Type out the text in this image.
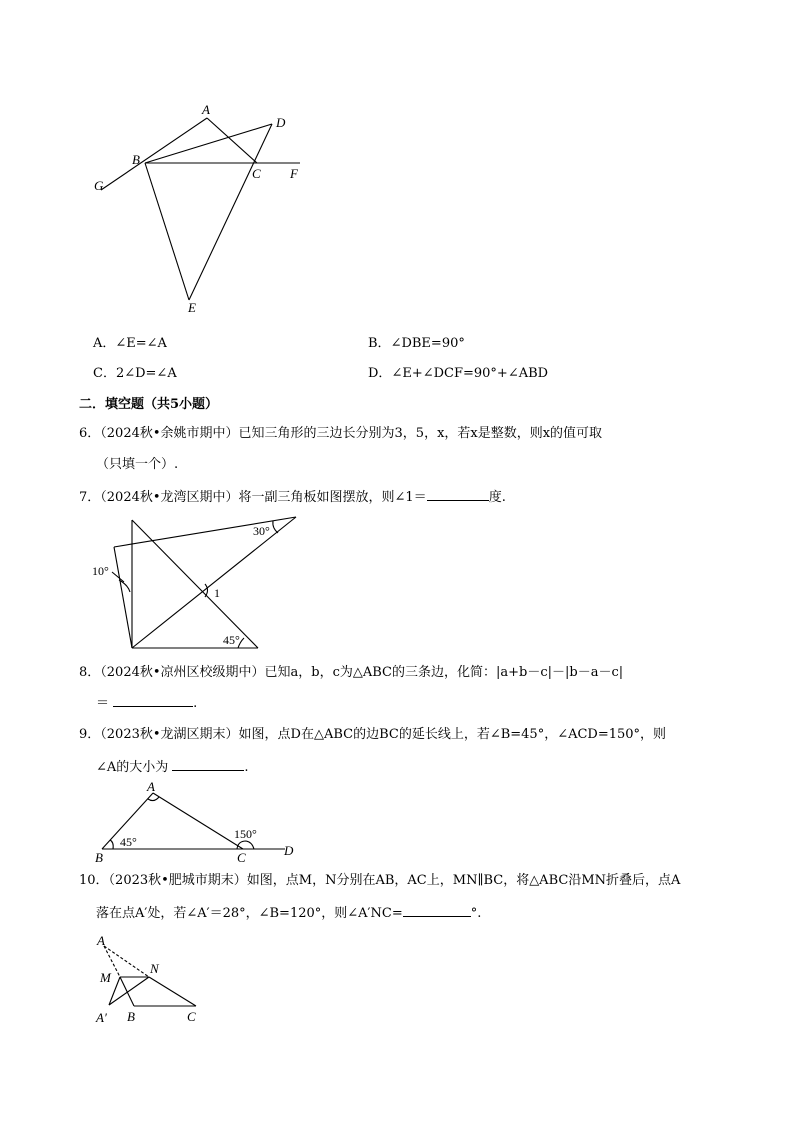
A
D
B
C F
G
E
A．∠E=∠A	B．∠DBE=90°
C．2∠D=∠A	D．∠E+∠DCF=90°+∠ABD
二．填空题（共5小题）
6．（2024秋•余姚市期中）已知三角形的三边长分别为3，5，x，若x是整数，则x的值可取
（只填一个）.
7．（2024秋•龙湾区期中）将一副三角板如图摆放，则∠1＝	度.
30°
10°
1
45°
8．（2024秋•凉州区校级期中）已知a，b，c为△ABC的三条边，化简：|a+b－c|－|b－a－c|
＝	.
9．（2023秋•龙湖区期末）如图，点D在△ABC的边BC的延长线上，若∠B=45°，∠ACD=150°，则
∠A的大小为	.
A
45°
150°
B	C	D
10．（2023秋•肥城市期末）如图，点M，N分别在AB，AC上，MN∥BC，将△ABC沿MN折叠后，点A
落在点A′处，若∠A′＝28°，∠B=120°，则∠A′NC=	°.
A
M
N
A′ B	C
